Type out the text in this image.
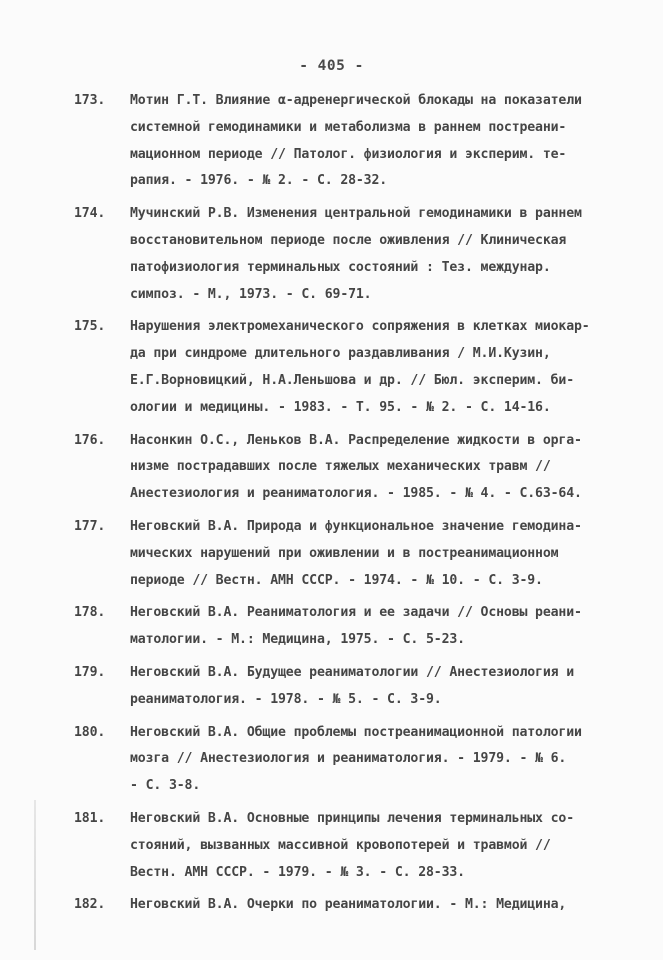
- 405 -
173. Мотин Г.Т. Влияние α-адренергической блокады на показатели
системной гемодинамики и метаболизма в раннем постреани-
мационном периоде // Патолог. физиология и эксперим. те-
рапия. - 1976. - № 2. - С. 28-32.
174. Мучинский Р.В. Изменения центральной гемодинамики в раннем
восстановительном периоде после оживления // Клиническая
патофизиология терминальных состояний : Тез. междунар.
симпоз. - М., 1973. - С. 69-71.
175. Нарушения электромеханического сопряжения в клетках миокар-
да при синдроме длительного раздавливания / М.И.Кузин,
Е.Г.Ворновицкий, Н.А.Леньшова и др. // Бюл. эксперим. би-
ологии и медицины. - 1983. - Т. 95. - № 2. - С. 14-16.
176. Насонкин О.С., Леньков В.А. Распределение жидкости в орга-
низме пострадавших после тяжелых механических травм //
Анестезиология и реаниматология. - 1985. - № 4. - С.63-64.
177. Неговский В.А. Природа и функциональное значение гемодина-
мических нарушений при оживлении и в постреанимационном
периоде // Вестн. АМН СССР. - 1974. - № 10. - С. 3-9.
178. Неговский В.А. Реаниматология и ее задачи // Основы реани-
матологии. - М.: Медицина, 1975. - С. 5-23.
179. Неговский В.А. Будущее реаниматологии // Анестезиология и
реаниматология. - 1978. - № 5. - С. 3-9.
180. Неговский В.А. Общие проблемы постреанимационной патологии
мозга // Анестезиология и реаниматология. - 1979. - № 6.
- С. 3-8.
181. Неговский В.А. Основные принципы лечения терминальных со-
стояний, вызванных массивной кровопотерей и травмой //
Вестн. АМН СССР. - 1979. - № 3. - С. 28-33.
182. Неговский В.А. Очерки по реаниматологии. - М.: Медицина,
